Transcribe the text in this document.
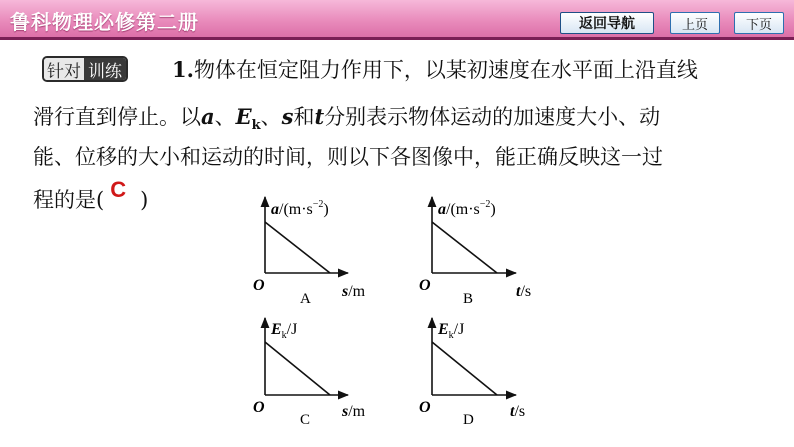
鲁科物理必修第二册	返回导航	上页	下页
针对 训练 1.物体在恒定阻力作用下，以某初速度在水平面上沿直线
滑行直到停止。以a、$E_k$、s和t分别表示物体运动的加速度大小、动
能、位移的大小和运动的时间，则以下各图像中，能正确反映这一过
程的是( C )	$a/(m\cdot s^{-2})$
O	s/m
A
$a/(m\cdot s^{-2})$
O	t/s
B
$E_k/J$
O	s/m
C
$E_k/J$
O	t/s
D
